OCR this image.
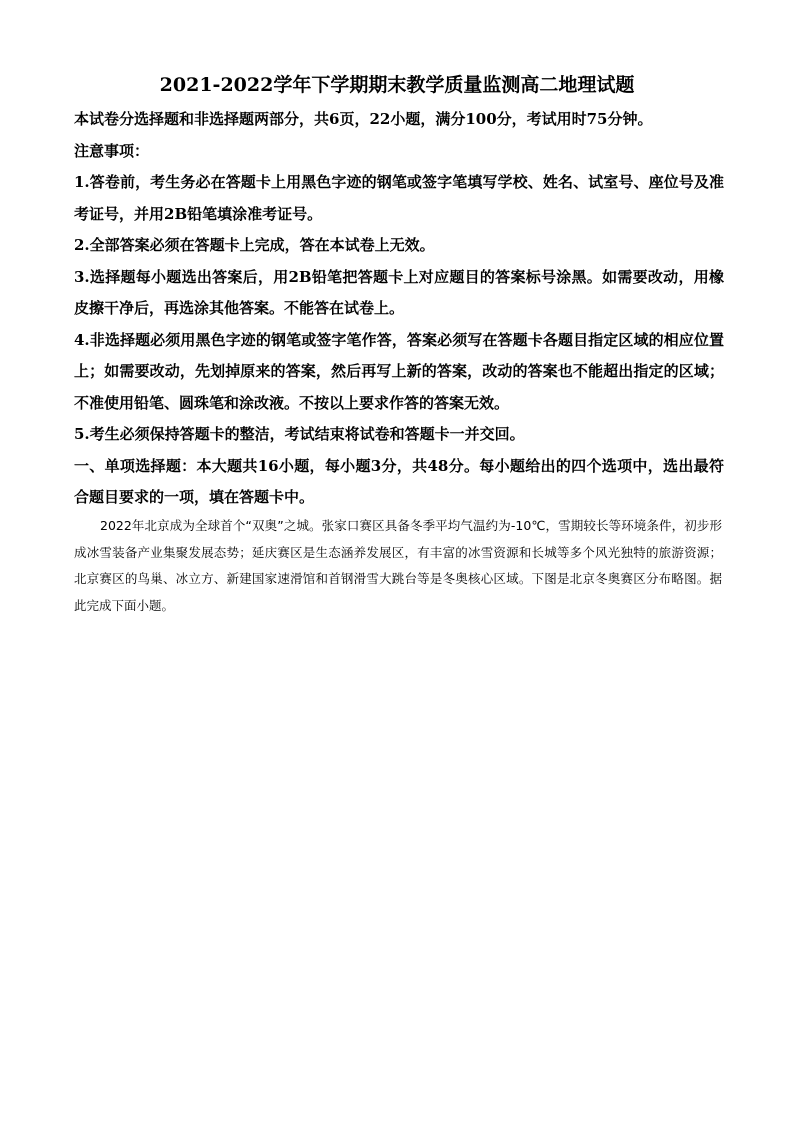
2021-2022学年下学期期末教学质量监测高二地理试题

本试卷分选择题和非选择题两部分，共6页，22小题，满分100分，考试用时75分钟。

注意事项：

1.答卷前，考生务必在答题卡上用黑色字迹的钢笔或签字笔填写学校、姓名、试室号、座位号及准考证号，并用2B铅笔填涂准考证号。

2.全部答案必须在答题卡上完成，答在本试卷上无效。

3.选择题每小题选出答案后，用2B铅笔把答题卡上对应题目的答案标号涂黑。如需要改动，用橡皮擦干净后，再选涂其他答案。不能答在试卷上。

4.非选择题必须用黑色字迹的钢笔或签字笔作答，答案必须写在答题卡各题目指定区域的相应位置上；如需要改动，先划掉原来的答案，然后再写上新的答案，改动的答案也不能超出指定的区域；不准使用铅笔、圆珠笔和涂改液。不按以上要求作答的答案无效。

5.考生必须保持答题卡的整洁，考试结束将试卷和答题卡一并交回。

一、单项选择题：本大题共16小题，每小题3分，共48分。每小题给出的四个选项中，选出最符合题目要求的一项，填在答题卡中。

2022年北京成为全球首个“双奥”之城。张家口赛区具备冬季平均气温约为-10℃，雪期较长等环境条件，初步形成冰雪装备产业集聚发展态势；延庆赛区是生态涵养发展区，有丰富的冰雪资源和长城等多个风光独特的旅游资源；北京赛区的鸟巢、冰立方、新建国家速滑馆和首钢滑雪大跳台等是冬奥核心区域。下图是北京冬奥赛区分布略图。据此完成下面小题。
